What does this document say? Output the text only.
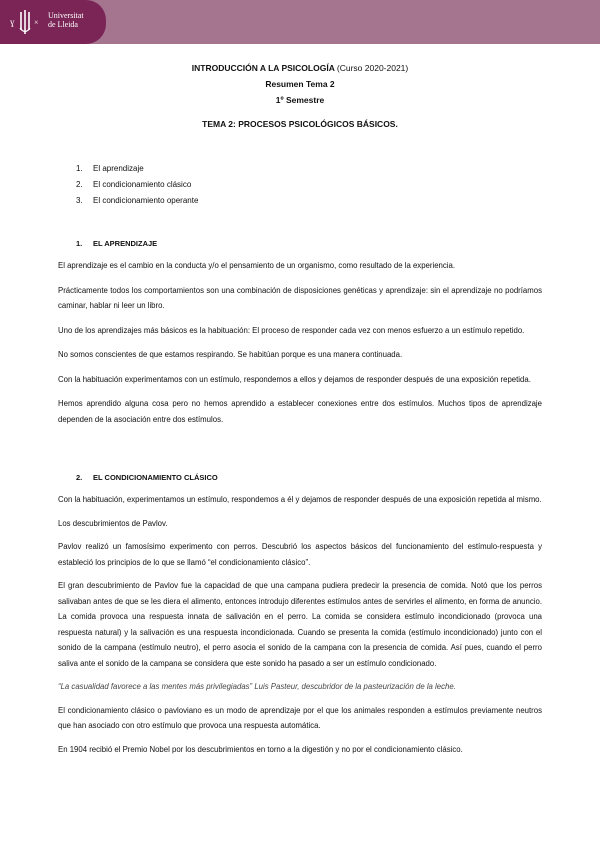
ɣ ×
Universitat
de Lleida
INTRODUCCIÓN A LA PSICOLOGÍA (Curso 2020-2021)
Resumen Tema 2
1º Semestre
TEMA 2: PROCESOS PSICOLÓGICOS BÁSICOS.
1. El aprendizaje
2. El condicionamiento clásico
3. El condicionamiento operante
1. EL APRENDIZAJE

El aprendizaje es el cambio en la conducta y/o el pensamiento de un organismo, como resultado de la experiencia.

Prácticamente todos los comportamientos son una combinación de disposiciones genéticas y aprendizaje: sin el aprendizaje no podríamos caminar, hablar ni leer un libro.

Uno de los aprendizajes más básicos es la habituación: El proceso de responder cada vez con menos esfuerzo a un estímulo repetido.

No somos conscientes de que estamos respirando. Se habitúan porque es una manera continuada.

Con la habituación experimentamos con un estímulo, respondemos a ellos y dejamos de responder después de una exposición repetida.

Hemos aprendido alguna cosa pero no hemos aprendido a establecer conexiones entre dos estímulos. Muchos tipos de aprendizaje dependen de la asociación entre dos estímulos.

2. EL CONDICIONAMIENTO CLÁSICO

Con la habituación, experimentamos un estímulo, respondemos a él y dejamos de responder después de una exposición repetida al mismo.

Los descubrimientos de Pavlov.

Pavlov realizó un famosísimo experimento con perros. Descubrió los aspectos básicos del funcionamiento del estímulo-respuesta y estableció los principios de lo que se llamó “el condicionamiento clásico”.

El gran descubrimiento de Pavlov fue la capacidad de que una campana pudiera predecir la presencia de comida. Notó que los perros salivaban antes de que se les diera el alimento, entonces introdujo diferentes estímulos antes de servirles el alimento, en forma de anuncio. La comida provoca una respuesta innata de salivación en el perro. La comida se considera estímulo incondicionado (provoca una respuesta natural) y la salivación es una respuesta incondicionada. Cuando se presenta la comida (estímulo incondicionado) junto con el sonido de la campana (estímulo neutro), el perro asocia el sonido de la campana con la presencia de comida. Así pues, cuando el perro saliva ante el sonido de la campana se considera que este sonido ha pasado a ser un estímulo condicionado.

“La casualidad favorece a las mentes más privilegiadas” Luis Pasteur, descubridor de la pasteurización de la leche.

El condicionamiento clásico o pavloviano es un modo de aprendizaje por el que los animales responden a estímulos previamente neutros que han asociado con otro estímulo que provoca una respuesta automática.

En 1904 recibió el Premio Nobel por los descubrimientos en torno a la digestión y no por el condicionamiento clásico.
